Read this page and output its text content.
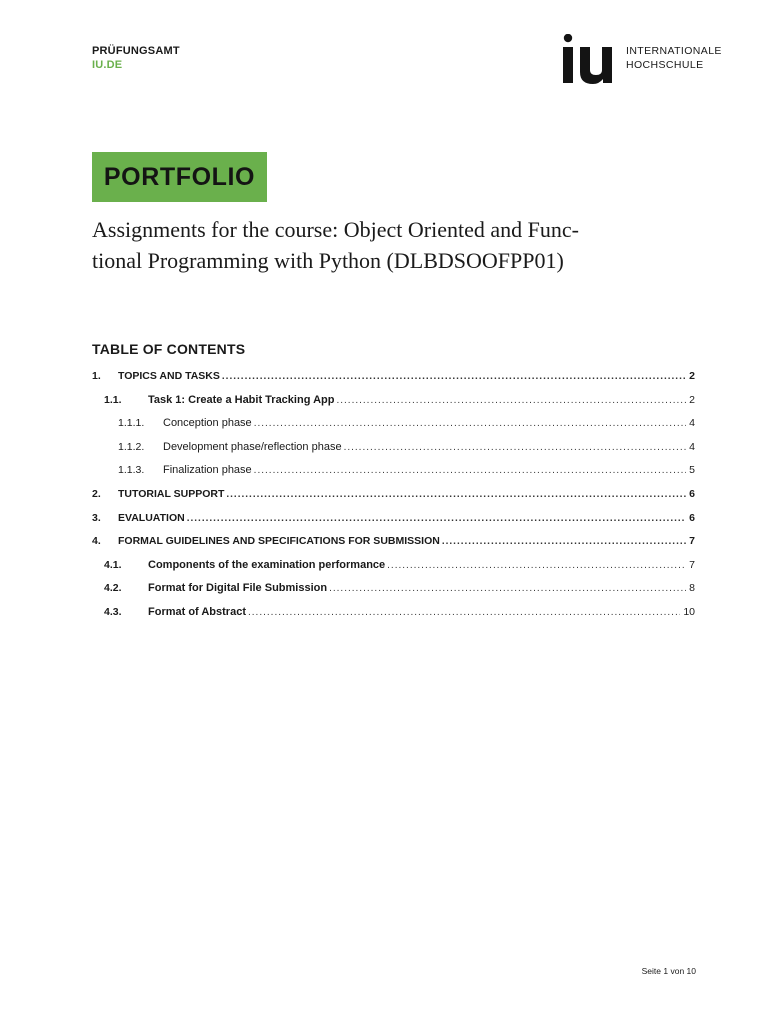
PRÜFUNGSAMT
IU.DE
INTERNATIONALE
HOCHSCHULE
PORTFOLIO
Assignments for the course: Object Oriented and Func-
tional Programming with Python (DLBDSOOFPP01)
TABLE OF CONTENTS
1.	TOPICS AND TASKS .....	2
1.1.	Task 1: Create a Habit Tracking App .....	2
1.1.1.	Conception phase .....	4
1.1.2.	Development phase/reflection phase .....	4
1.1.3.	Finalization phase .....	5
2.	TUTORIAL SUPPORT .....	6
3.	EVALUATION .....	6
4.	FORMAL GUIDELINES AND SPECIFICATIONS FOR SUBMISSION .....	7
4.1.	Components of the examination performance .....	7
4.2.	Format for Digital File Submission .....	8
4.3.	Format of Abstract .....	10
Seite 1 von 10
